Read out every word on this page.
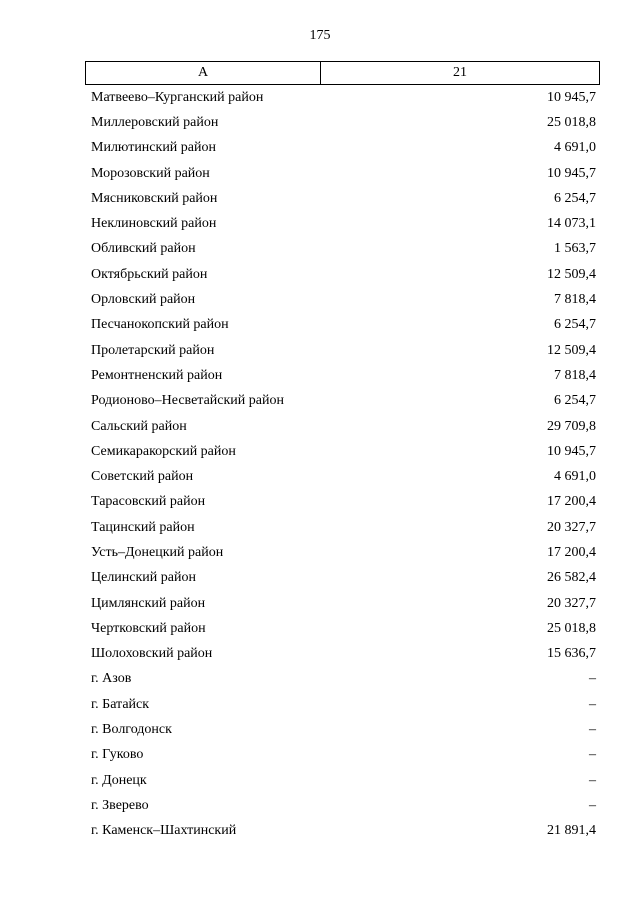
175
А	21
Матвеево–Курганский район	10 945,7
Миллеровский район	25 018,8
Милютинский район	4 691,0
Морозовский район	10 945,7
Мясниковский район	6 254,7
Неклиновский район	14 073,1
Обливский район	1 563,7
Октябрьский район	12 509,4
Орловский район	7 818,4
Песчанокопский район	6 254,7
Пролетарский район	12 509,4
Ремонтненский район	7 818,4
Родионово–Несветайский район	6 254,7
Сальский район	29 709,8
Семикаракорский район	10 945,7
Советский район	4 691,0
Тарасовский район	17 200,4
Тацинский район	20 327,7
Усть–Донецкий район	17 200,4
Целинский район	26 582,4
Цимлянский район	20 327,7
Чертковский район	25 018,8
Шолоховский район	15 636,7
г. Азов	–
г. Батайск	–
г. Волгодонск	–
г. Гуково	–
г. Донецк	–
г. Зверево	–
г. Каменск–Шахтинский	21 891,4
